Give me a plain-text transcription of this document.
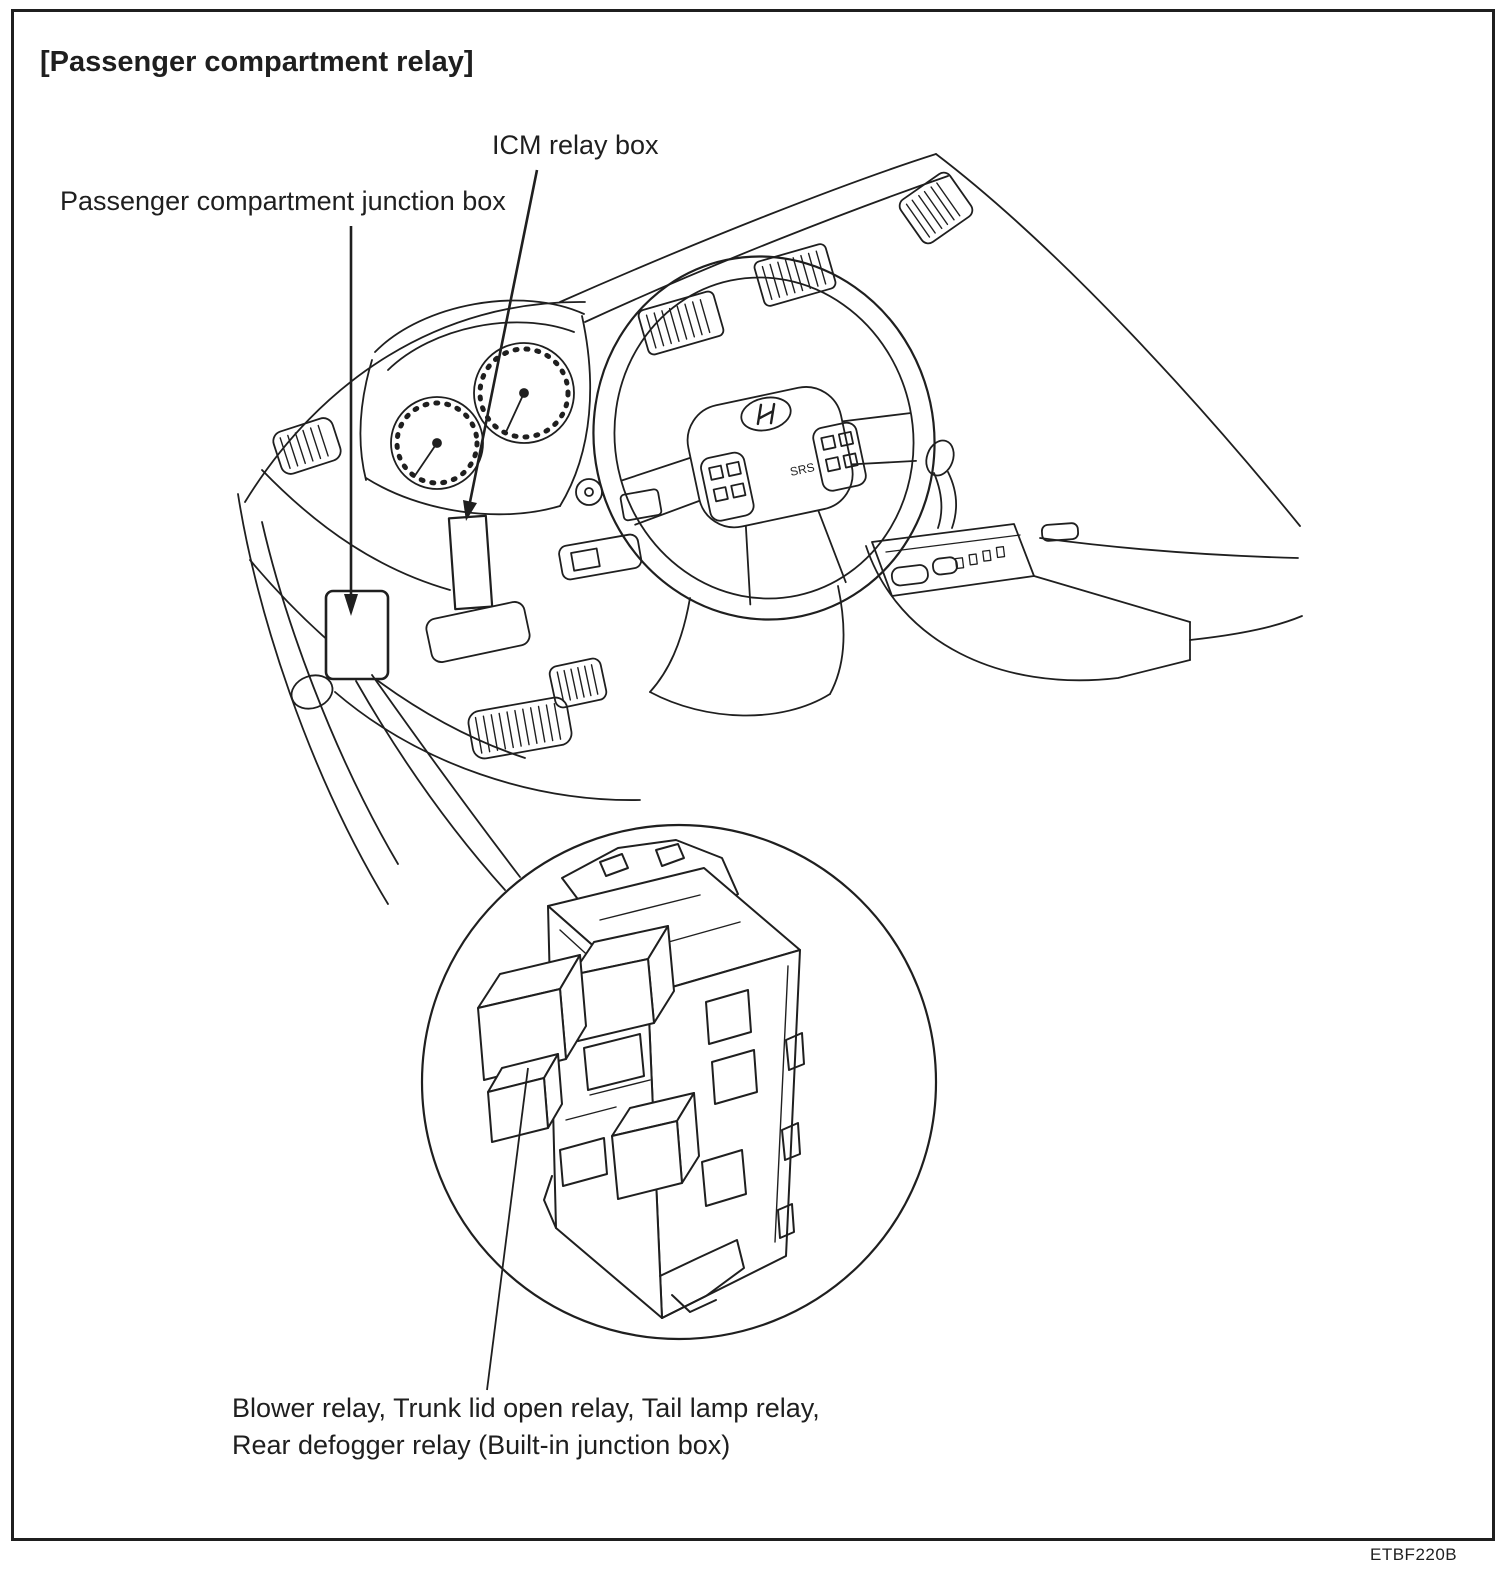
SRS
[Passenger compartment relay]
ICM relay box
Passenger compartment junction box
Blower relay, Trunk lid open relay, Tail lamp relay,
Rear defogger relay (Built-in junction box)
ETBF220B
